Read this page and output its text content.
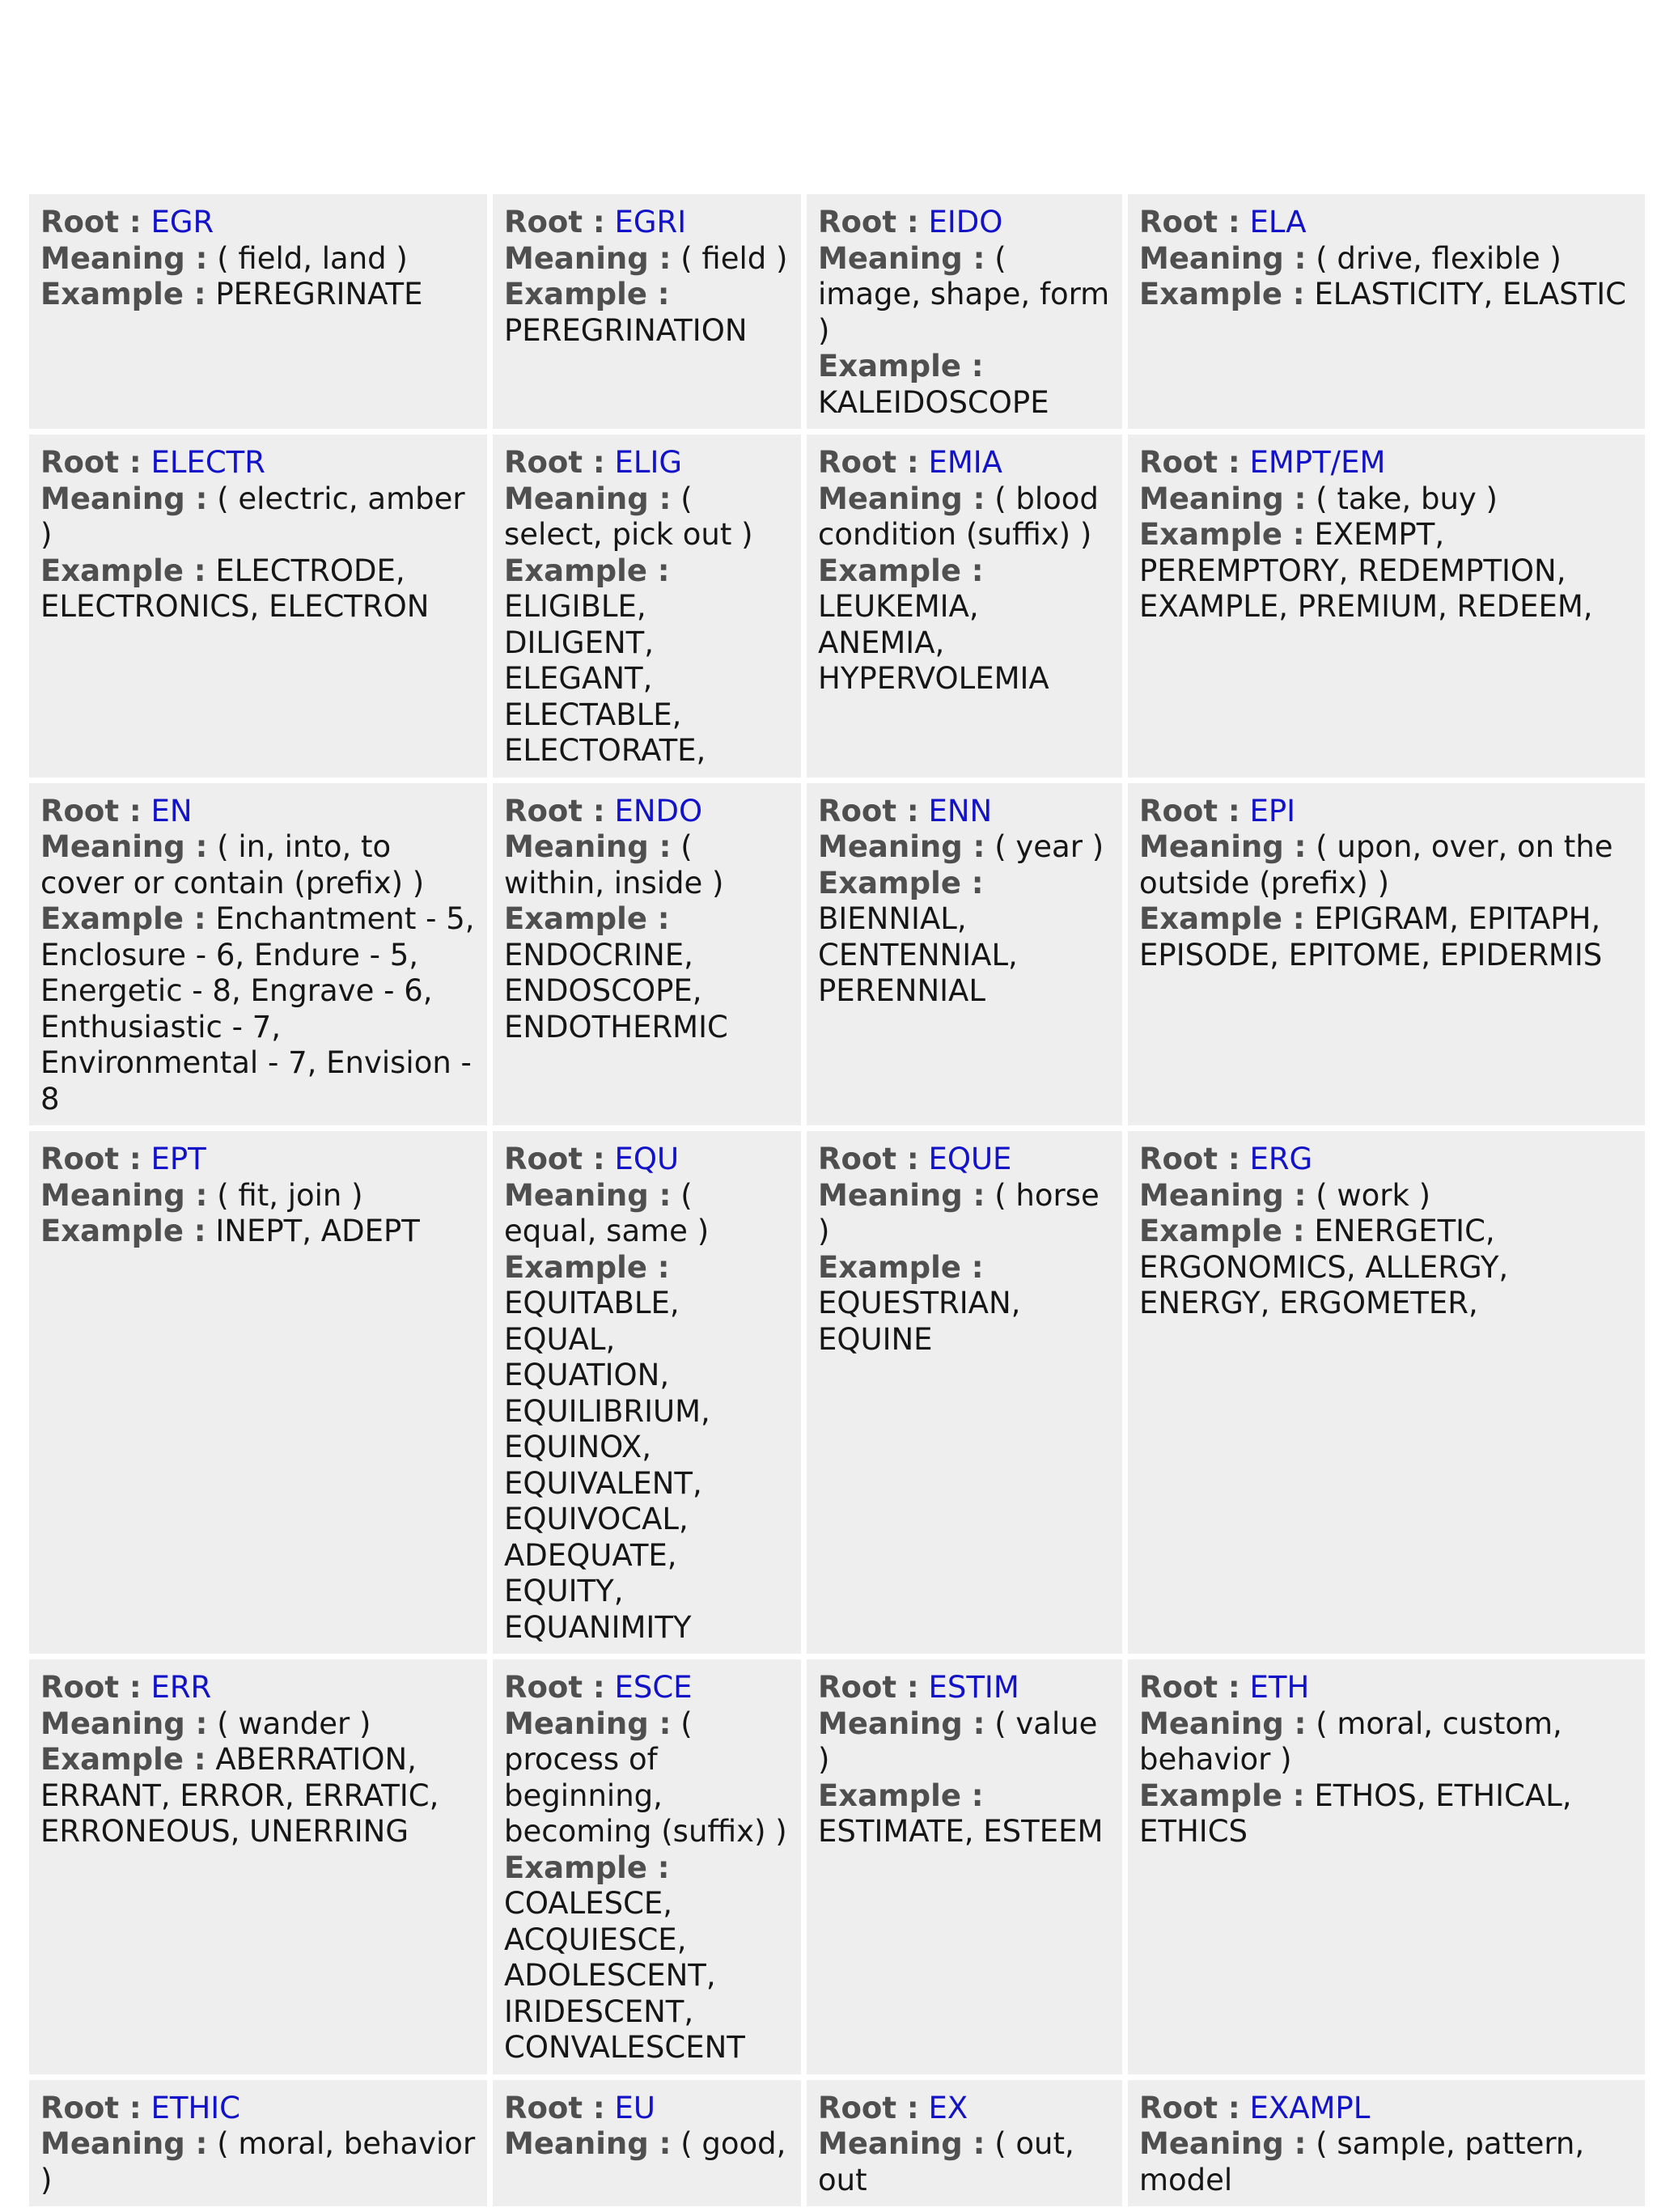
Root : EGR
Meaning : ( field, land )
Example : PEREGRINATE	Root : EGRI
Meaning : ( field )
Example : PEREGRINATION	Root : EIDO
Meaning : ( image, shape, form )
Example : KALEIDOSCOPE	Root : ELA
Meaning : ( drive, flexible )
Example : ELASTICITY, ELASTIC
Root : ELECTR
Meaning : ( electric, amber )
Example : ELECTRODE, ELECTRONICS, ELECTRON	Root : ELIG
Meaning : ( select, pick out )
Example : ELIGIBLE, DILIGENT, ELEGANT, ELECTABLE, ELECTORATE,	Root : EMIA
Meaning : ( blood condition (suffix) )
Example : LEUKEMIA, ANEMIA, HYPERVOLEMIA	Root : EMPT/EM
Meaning : ( take, buy )
Example : EXEMPT, PEREMPTORY, REDEMPTION, EXAMPLE, PREMIUM, REDEEM,
Root : EN
Meaning : ( in, into, to cover or contain (prefix) )
Example : Enchantment - 5, Enclosure - 6, Endure - 5, Energetic - 8, Engrave - 6, Enthusiastic - 7, Environmental - 7, Envision - 8	Root : ENDO
Meaning : ( within, inside )
Example : ENDOCRINE, ENDOSCOPE, ENDOTHERMIC	Root : ENN
Meaning : ( year )
Example : BIENNIAL, CENTENNIAL, PERENNIAL	Root : EPI
Meaning : ( upon, over, on the outside (prefix) )
Example : EPIGRAM, EPITAPH, EPISODE, EPITOME, EPIDERMIS
Root : EPT
Meaning : ( fit, join )
Example : INEPT, ADEPT	Root : EQU
Meaning : ( equal, same )
Example : EQUITABLE, EQUAL, EQUATION, EQUILIBRIUM, EQUINOX, EQUIVALENT, EQUIVOCAL, ADEQUATE, EQUITY, EQUANIMITY	Root : EQUE
Meaning : ( horse )
Example : EQUESTRIAN, EQUINE	Root : ERG
Meaning : ( work )
Example : ENERGETIC, ERGONOMICS, ALLERGY, ENERGY, ERGOMETER,
Root : ERR
Meaning : ( wander )
Example : ABERRATION, ERRANT, ERROR, ERRATIC, ERRONEOUS, UNERRING	Root : ESCE
Meaning : ( process of beginning, becoming (suffix) )
Example : COALESCE, ACQUIESCE, ADOLESCENT, IRIDESCENT, CONVALESCENT	Root : ESTIM
Meaning : ( value )
Example : ESTIMATE, ESTEEM	Root : ETH
Meaning : ( moral, custom, behavior )
Example : ETHOS, ETHICAL, ETHICS
Root : ETHIC
Meaning : ( moral, behavior )	Root : EU
Meaning : ( good,	Root : EX
Meaning : ( out, out	Root : EXAMPL
Meaning : ( sample, pattern, model
